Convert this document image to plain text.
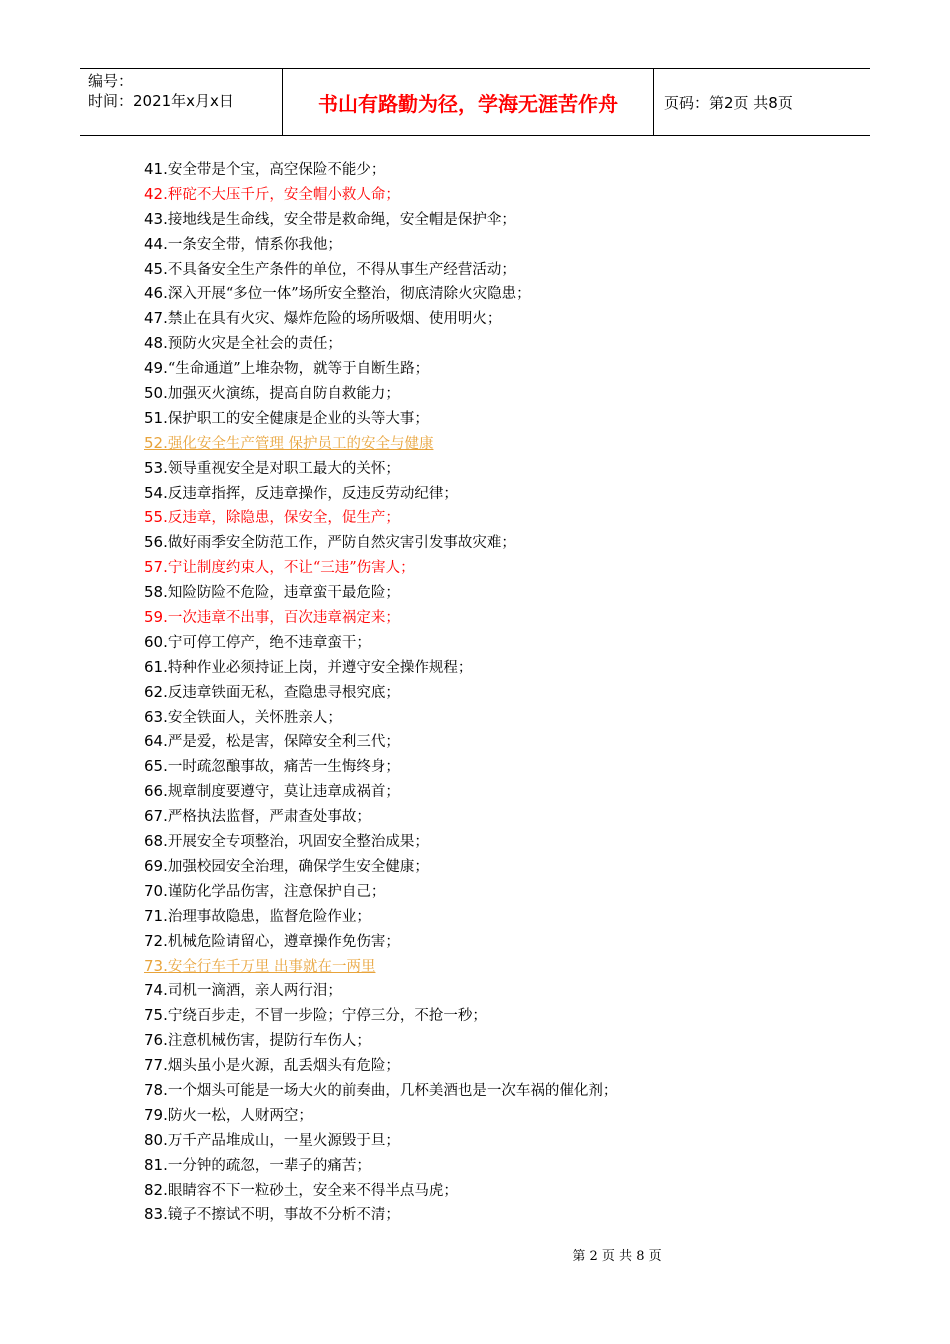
编号：
时间：2021年x月x日	书山有路勤为径，学海无涯苦作舟	页码：第2页 共8页
41.安全带是个宝，高空保险不能少；
42.秤砣不大压千斤，安全帽小救人命；
43.接地线是生命线，安全带是救命绳，安全帽是保护伞；
44.一条安全带，情系你我他；
45.不具备安全生产条件的单位，不得从事生产经营活动；
46.深入开展“多位一体”场所安全整治，彻底清除火灾隐患；
47.禁止在具有火灾、爆炸危险的场所吸烟、使用明火；
48.预防火灾是全社会的责任；
49.“生命通道”上堆杂物，就等于自断生路；
50.加强灭火演练，提高自防自救能力；
51.保护职工的安全健康是企业的头等大事；
52.强化安全生产管理 保护员工的安全与健康
53.领导重视安全是对职工最大的关怀；
54.反违章指挥，反违章操作，反违反劳动纪律；
55.反违章，除隐患，保安全，促生产；
56.做好雨季安全防范工作，严防自然灾害引发事故灾难；
57.宁让制度约束人，不让“三违”伤害人；
58.知险防险不危险，违章蛮干最危险；
59.一次违章不出事，百次违章祸定来；
60.宁可停工停产，绝不违章蛮干；
61.特种作业必须持证上岗，并遵守安全操作规程；
62.反违章铁面无私，查隐患寻根究底；
63.安全铁面人，关怀胜亲人；
64.严是爱，松是害，保障安全利三代；
65.一时疏忽酿事故，痛苦一生悔终身；
66.规章制度要遵守，莫让违章成祸首；
67.严格执法监督，严肃查处事故；
68.开展安全专项整治，巩固安全整治成果；
69.加强校园安全治理，确保学生安全健康；
70.谨防化学品伤害，注意保护自己；
71.治理事故隐患，监督危险作业；
72.机械危险请留心，遵章操作免伤害；
73.安全行车千万里 出事就在一两里
74.司机一滴酒，亲人两行泪；
75.宁绕百步走，不冒一步险；宁停三分，不抢一秒；
76.注意机械伤害，提防行车伤人；
77.烟头虽小是火源，乱丢烟头有危险；
78.一个烟头可能是一场大火的前奏曲，几杯美酒也是一次车祸的催化剂；
79.防火一松，人财两空；
80.万千产品堆成山，一星火源毁于旦；
81.一分钟的疏忽，一辈子的痛苦；
82.眼睛容不下一粒砂土，安全来不得半点马虎；
83.镜子不擦试不明，事故不分析不清；
第 2 页 共 8 页
